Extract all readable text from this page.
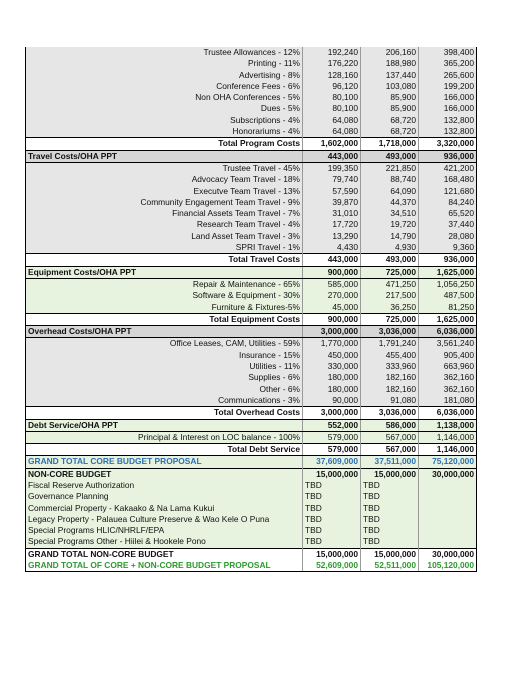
Trustee Allowances - 12%	192,240	206,160	398,400
Printing - 11%	176,220	188,980	365,200
Advertising - 8%	128,160	137,440	265,600
Conference Fees - 6%	96,120	103,080	199,200
Non OHA Conferences - 5%	80,100	85,900	166,000
Dues - 5%	80,100	85,900	166,000
Subscriptions - 4%	64,080	68,720	132,800
Honorariums - 4%	64,080	68,720	132,800
Total Program Costs	1,602,000	1,718,000	3,320,000
Travel Costs/OHA PPT	443,000	493,000	936,000
Trustee Travel - 45%	199,350	221,850	421,200
Advocacy Team Travel - 18%	79,740	88,740	168,480
Executve Team Travel - 13%	57,590	64,090	121,680
Community Engagement Team Travel - 9%	39,870	44,370	84,240
Financial Assets Team Travel - 7%	31,010	34,510	65,520
Research Team Travel - 4%	17,720	19,720	37,440
Land Asset Team Travel - 3%	13,290	14,790	28,080
SPRI Travel - 1%	4,430	4,930	9,360
Total Travel Costs	443,000	493,000	936,000
Equipment Costs/OHA PPT	900,000	725,000	1,625,000
Repair & Maintenance - 65%	585,000	471,250	1,056,250
Software & Equipment - 30%	270,000	217,500	487,500
Furniture & Fixtures-5%	45,000	36,250	81,250
Total Equipment Costs	900,000	725,000	1,625,000
Overhead Costs/OHA PPT	3,000,000	3,036,000	6,036,000
Office Leases, CAM, Utilities - 59%	1,770,000	1,791,240	3,561,240
Insurance - 15%	450,000	455,400	905,400
Utilities - 11%	330,000	333,960	663,960
Supplies - 6%	180,000	182,160	362,160
Other - 6%	180,000	182,160	362,160
Communications - 3%	90,000	91,080	181,080
Total Overhead Costs	3,000,000	3,036,000	6,036,000
Debt Service/OHA PPT	552,000	586,000	1,138,000
Principal & Interest on LOC balance - 100%	579,000	567,000	1,146,000
Total Debt Service	579,000	567,000	1,146,000
GRAND TOTAL CORE BUDGET PROPOSAL	37,609,000	37,511,000	75,120,000
NON-CORE BUDGET	15,000,000	15,000,000	30,000,000
Fiscal Reserve Authorization	TBD	TBD	
Governance Planning	TBD	TBD	
Commercial Property - Kakaako & Na Lama Kukui	TBD	TBD	
Legacy Property - Palauea Culture Preserve & Wao Kele O Puna	TBD	TBD	
Special Programs HLIC/NHRLF/EPA	TBD	TBD	
Special Programs Other - Hiilei & Hookele Pono	TBD	TBD	
GRAND TOTAL NON-CORE BUDGET	15,000,000	15,000,000	30,000,000
GRAND TOTAL OF CORE + NON-CORE BUDGET PROPOSAL	52,609,000	52,511,000	105,120,000
